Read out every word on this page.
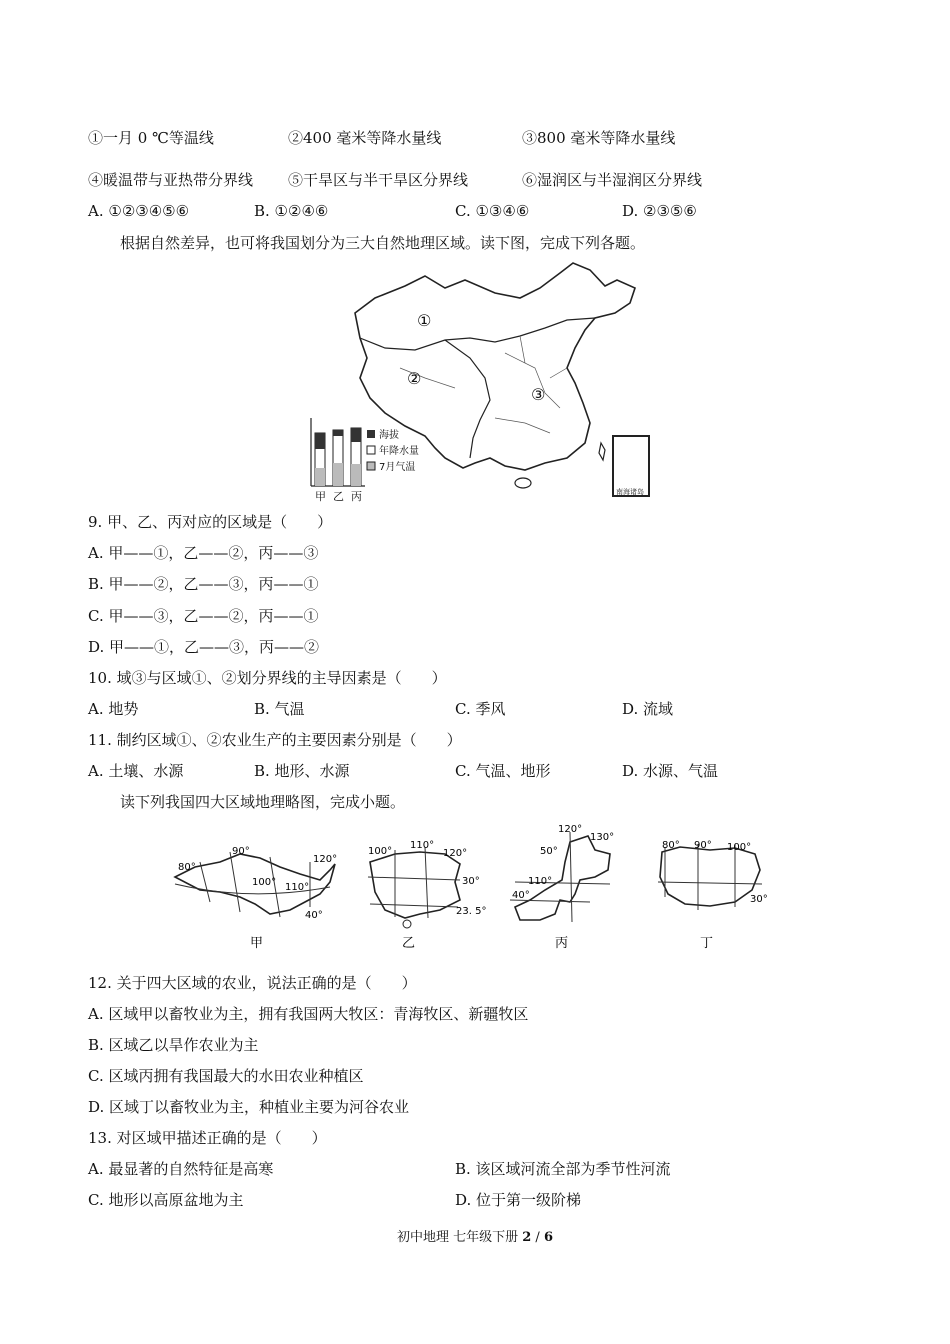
①一月 0 ℃等温线	②400 毫米等降水量线	③800 毫米等降水量线
④暖温带与亚热带分界线 ⑤干旱区与半干旱区分界线	⑥湿润区与半湿润区分界线
A. ①②③④⑤⑥	B. ①②④⑥	C. ①③④⑥	D. ②③⑤⑥
根据自然差异，也可将我国划分为三大自然地理区域。读下图，完成下列各题。
南海诸岛
①
②
③
甲 乙 丙
海拔
年降水量
7月气温
9. 甲、乙、丙对应的区域是（　　）
A. 甲——①，乙——②，丙——③
B. 甲——②，乙——③，丙——①
C. 甲——③，乙——②，丙——①
D. 甲——①，乙——③，丙——②
10. 域③与区域①、②划分界线的主导因素是（　　）
A. 地势	B. 气温	C. 季风	D. 流域
11. 制约区域①、②农业生产的主要因素分别是（　　）
A. 土壤、水源	B. 地形、水源	C. 气温、地形	D. 水源、气温
读下列我国四大区域地理略图，完成小题。
80°
90°
100° 110°
120°
40°
甲
100°
110°
120°
30°
23. 5°
乙
120°
130°
50°
110°
40°
丙
80° 90° 100°
30°
丁
12. 关于四大区域的农业，说法正确的是（　　）
A. 区域甲以畜牧业为主，拥有我国两大牧区：青海牧区、新疆牧区
B. 区域乙以旱作农业为主
C. 区域丙拥有我国最大的水田农业种植区
D. 区域丁以畜牧业为主，种植业主要为河谷农业
13. 对区域甲描述正确的是（　　）
A. 最显著的自然特征是高寒	B. 该区域河流全部为季节性河流
C. 地形以高原盆地为主	D. 位于第一级阶梯
初中地理 七年级下册 2 / 6
